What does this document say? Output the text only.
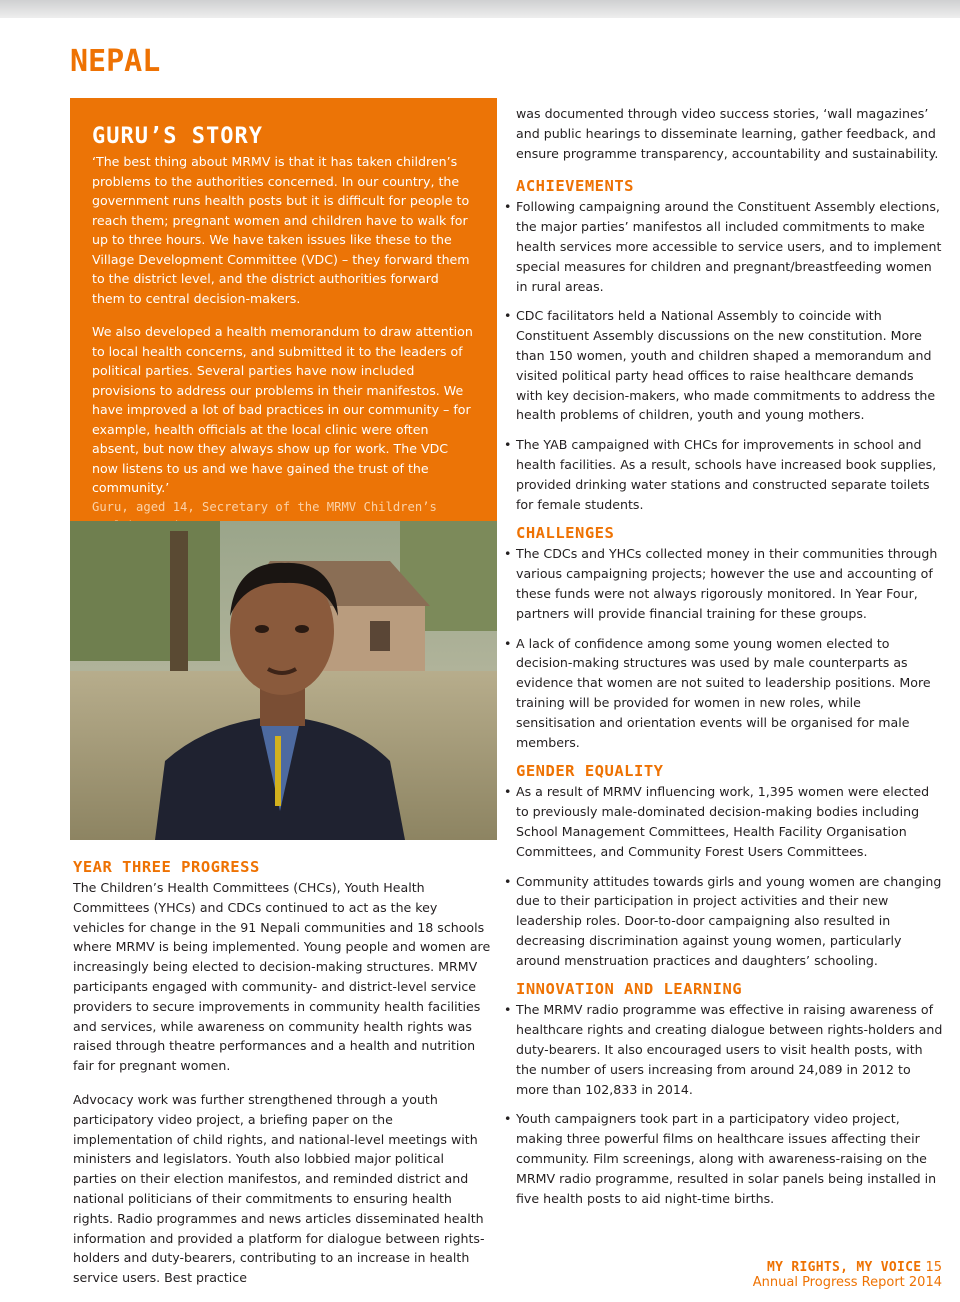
NEPAL
GURU’S STORY

‘The best thing about MRMV is that it has taken children’s problems to the authorities concerned. In our country, the government runs health posts but it is difficult for people to reach them; pregnant women and children have to walk for up to three hours. We have taken issues like these to the Village Development Committee (VDC) – they forward them to the district level, and the district authorities forward them to central decision-makers.

We also developed a health memorandum to draw attention to local health concerns, and submitted it to the leaders of political parties. Several parties have now included provisions to address our problems in their manifestos. We have improved a lot of bad practices in our community – for example, health officials at the local clinic were often absent, but now they always show up for work. The VDC now listens to us and we have gained the trust of the community.’

Guru, aged 14, Secretary of the MRMV Children’s

YEAR THREE PROGRESS

The Children’s Health Committees (CHCs), Youth Health Committees (YHCs) and CDCs continued to act as the key vehicles for change in the 91 Nepali communities and 18 schools where MRMV is being implemented. Young people and women are increasingly being elected to decision-making structures. MRMV participants engaged with community- and district-level service providers to secure improvements in community health facilities and services, while awareness on community health rights was raised through theatre performances and a health and nutrition fair for pregnant women.

Advocacy work was further strengthened through a youth participatory video project, a briefing paper on the implementation of child rights, and national-level meetings with ministers and legislators. Youth also lobbied major political parties on their election manifestos, and reminded district and national politicians of their commitments to ensuring health rights. Radio programmes and news articles disseminated health information and provided a platform for dialogue between rights-holders and duty-bearers, contributing to an increase in health service users. Best practice

was documented through video success stories, ‘wall magazines’ and public hearings to disseminate learning, gather feedback, and ensure programme transparency, accountability and sustainability.

ACHIEVEMENTS
• Following campaigning around the Constituent Assembly elections, the major parties’ manifestos all included commitments to make health services more accessible to service users, and to implement special measures for children and pregnant/breastfeeding women in rural areas.
• CDC facilitators held a National Assembly to coincide with Constituent Assembly discussions on the new constitution. More than 150 women, youth and children shaped a memorandum and visited political party head offices to raise healthcare demands with key decision-makers, who made commitments to address the health problems of children, youth and young mothers.
• The YAB campaigned with CHCs for improvements in school and health facilities. As a result, schools have increased book supplies, provided drinking water stations and constructed separate toilets for female students.
CHALLENGES
• The CDCs and YHCs collected money in their communities through various campaigning projects; however the use and accounting of these funds were not always rigorously monitored. In Year Four, partners will provide financial training for these groups.
• A lack of confidence among some young women elected to decision-making structures was used by male counterparts as evidence that women are not suited to leadership positions. More training will be provided for women in new roles, while sensitisation and orientation events will be organised for male members.
GENDER EQUALITY
• As a result of MRMV influencing work, 1,395 women were elected to previously male-dominated decision-making bodies including School Management Committees, Health Facility Organisation Committees, and Community Forest Users Committees.
• Community attitudes towards girls and young women are changing due to their participation in project activities and their new leadership roles. Door-to-door campaigning also resulted in decreasing discrimination against young women, particularly around menstruation practices and daughters’ schooling.
INNOVATION AND LEARNING
• The MRMV radio programme was effective in raising awareness of healthcare rights and creating dialogue between rights-holders and duty-bearers. It also encouraged users to visit health posts, with the number of users increasing from around 24,089 in 2012 to more than 102,833 in 2014.
• Youth campaigners took part in a participatory video project, making three powerful films on healthcare issues affecting their community. Film screenings, along with awareness-raising on the MRMV radio programme, resulted in solar panels being installed in five health posts to aid night-time births.
MY RIGHTS, MY VOICE 15
Annual Progress Report 2014
